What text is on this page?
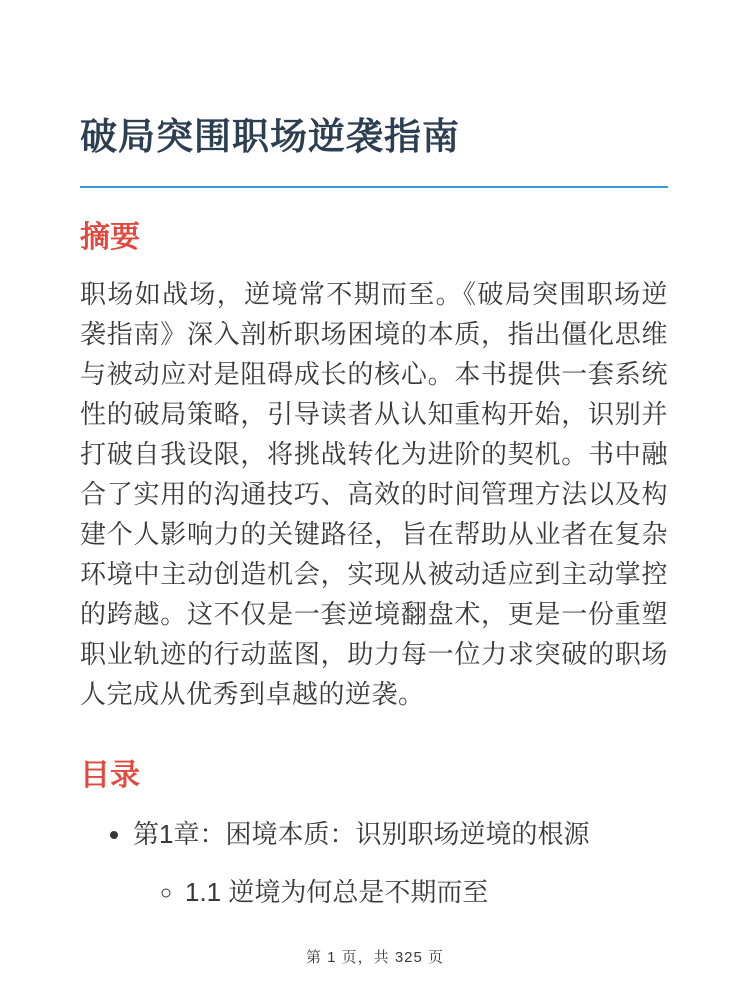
破局突围职场逆袭指南
摘要

职场如战场，逆境常不期而至。《破局突围职场逆袭指南》深入剖析职场困境的本质，指出僵化思维与被动应对是阻碍成长的核心。本书提供一套系统性的破局策略，引导读者从认知重构开始，识别并打破自我设限，将挑战转化为进阶的契机。书中融合了实用的沟通技巧、高效的时间管理方法以及构建个人影响力的关键路径，旨在帮助从业者在复杂环境中主动创造机会，实现从被动适应到主动掌控的跨越。这不仅是一套逆境翻盘术，更是一份重塑职业轨迹的行动蓝图，助力每一位力求突破的职场人完成从优秀到卓越的逆袭。

目录
• 第1章：困境本质：识别职场逆境的根源
◦ 1.1 逆境为何总是不期而至
第 1 页，共 325 页
